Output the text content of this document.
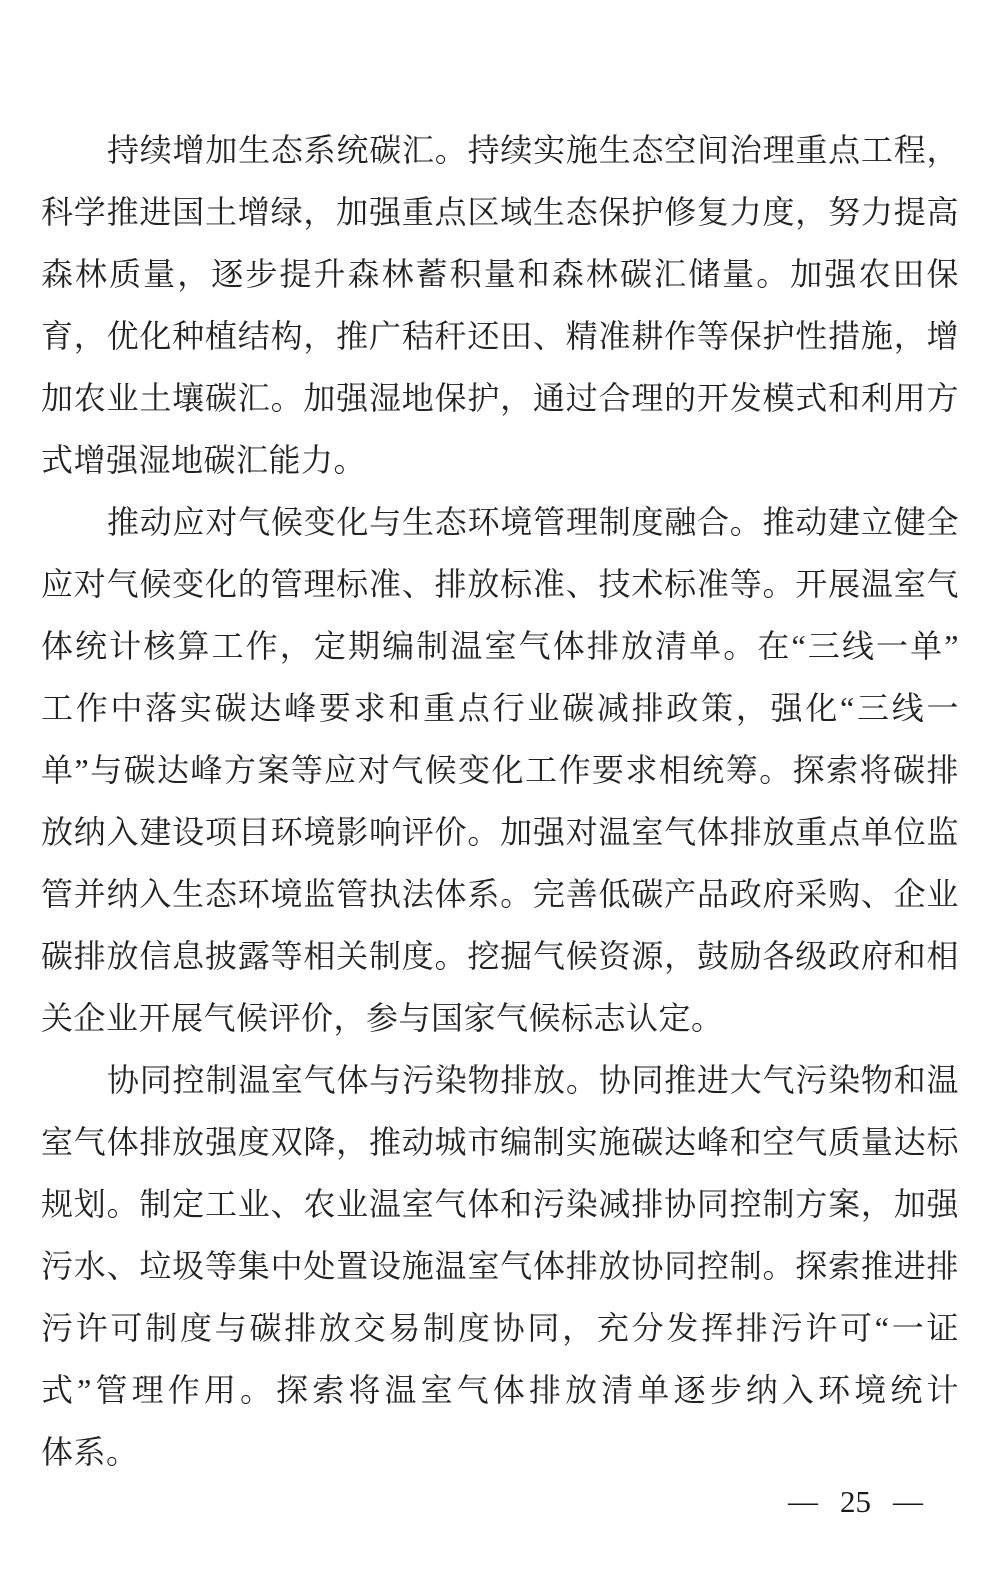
持续增加生态系统碳汇。持续实施生态空间治理重点工程，
科学推进国土增绿，加强重点区域生态保护修复力度，努力提高
森林质量，逐步提升森林蓄积量和森林碳汇储量。加强农田保
育，优化种植结构，推广秸秆还田、精准耕作等保护性措施，增
加农业土壤碳汇。加强湿地保护，通过合理的开发模式和利用方
式增强湿地碳汇能力。
推动应对气候变化与生态环境管理制度融合。推动建立健全
应对气候变化的管理标准、排放标准、技术标准等。开展温室气
体统计核算工作，定期编制温室气体排放清单。在“三线一单”
工作中落实碳达峰要求和重点行业碳减排政策，强化“三线一
单”与碳达峰方案等应对气候变化工作要求相统筹。探索将碳排
放纳入建设项目环境影响评价。加强对温室气体排放重点单位监
管并纳入生态环境监管执法体系。完善低碳产品政府采购、企业
碳排放信息披露等相关制度。挖掘气候资源，鼓励各级政府和相
关企业开展气候评价，参与国家气候标志认定。
协同控制温室气体与污染物排放。协同推进大气污染物和温
室气体排放强度双降，推动城市编制实施碳达峰和空气质量达标
规划。制定工业、农业温室气体和污染减排协同控制方案，加强
污水、垃圾等集中处置设施温室气体排放协同控制。探索推进排
污许可制度与碳排放交易制度协同，充分发挥排污许可“一证
式”管理作用。探索将温室气体排放清单逐步纳入环境统计
体系。
— 25 —
